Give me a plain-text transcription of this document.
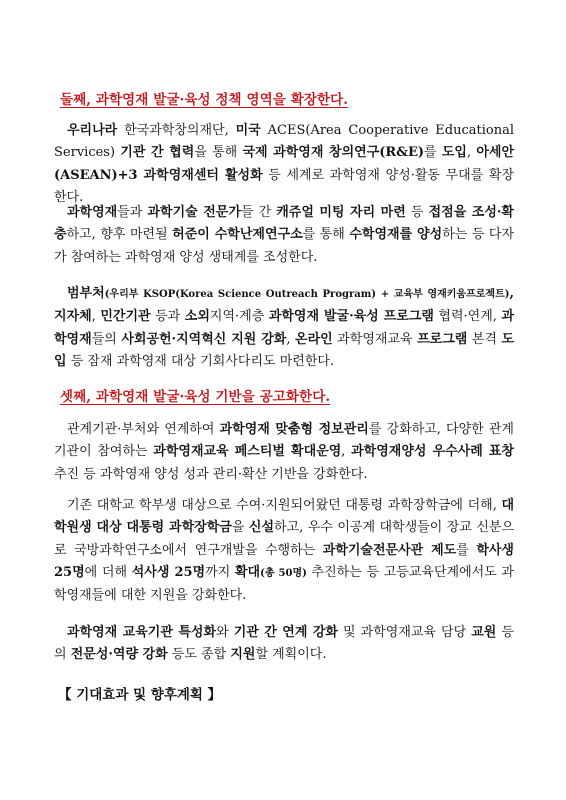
둘째, 과학영재 발굴·육성 정책 영역을 확장한다.

우리나라 한국과학창의재단, 미국 ACES(Area Cooperative Educational Services) 기관 간 협력을 통해 국제 과학영재 창의연구(R&E)를 도입, 아세안(ASEAN)+3 과학영재센터 활성화 등 세계로 과학영재 양성·활동 무대를 확장한다.

과학영재들과 과학기술 전문가들 간 캐쥬얼 미팅 자리 마련 등 접점을 조성·확충하고, 향후 마련될 허준이 수학난제연구소를 통해 수학영재를 양성하는 등 다자가 참여하는 과학영재 양성 생태계를 조성한다.

범부처(우리부 KSOP(Korea Science Outreach Program) + 교육부 영재키움프로젝트), 지자체, 민간기관 등과 소외지역·계층 과학영재 발굴·육성 프로그램 협력·연계, 과학영재들의 사회공헌·지역혁신 지원 강화, 온라인 과학영재교육 프로그램 본격 도입 등 잠재 과학영재 대상 기회사다리도 마련한다.

셋째, 과학영재 발굴·육성 기반을 공고화한다.

관계기관·부처와 연계하여 과학영재 맞춤형 정보관리를 강화하고, 다양한 관계 기관이 참여하는 과학영재교육 페스티벌 확대운영, 과학영재양성 우수사례 표창 추진 등 과학영재 양성 성과 관리·확산 기반을 강화한다.

기존 대학교 학부생 대상으로 수여·지원되어왔던 대통령 과학장학금에 더해, 대학원생 대상 대통령 과학장학금을 신설하고, 우수 이공계 대학생들이 장교 신분으로 국방과학연구소에서 연구개발을 수행하는 과학기술전문사관 제도를 학사생 25명에 더해 석사생 25명까지 확대(총 50명) 추진하는 등 고등교육단계에서도 과학영재들에 대한 지원을 강화한다.

과학영재 교육기관 특성화와 기관 간 연계 강화 및 과학영재교육 담당 교원 등의 전문성·역량 강화 등도 종합 지원할 계획이다.

【 기대효과 및 향후계획 】
